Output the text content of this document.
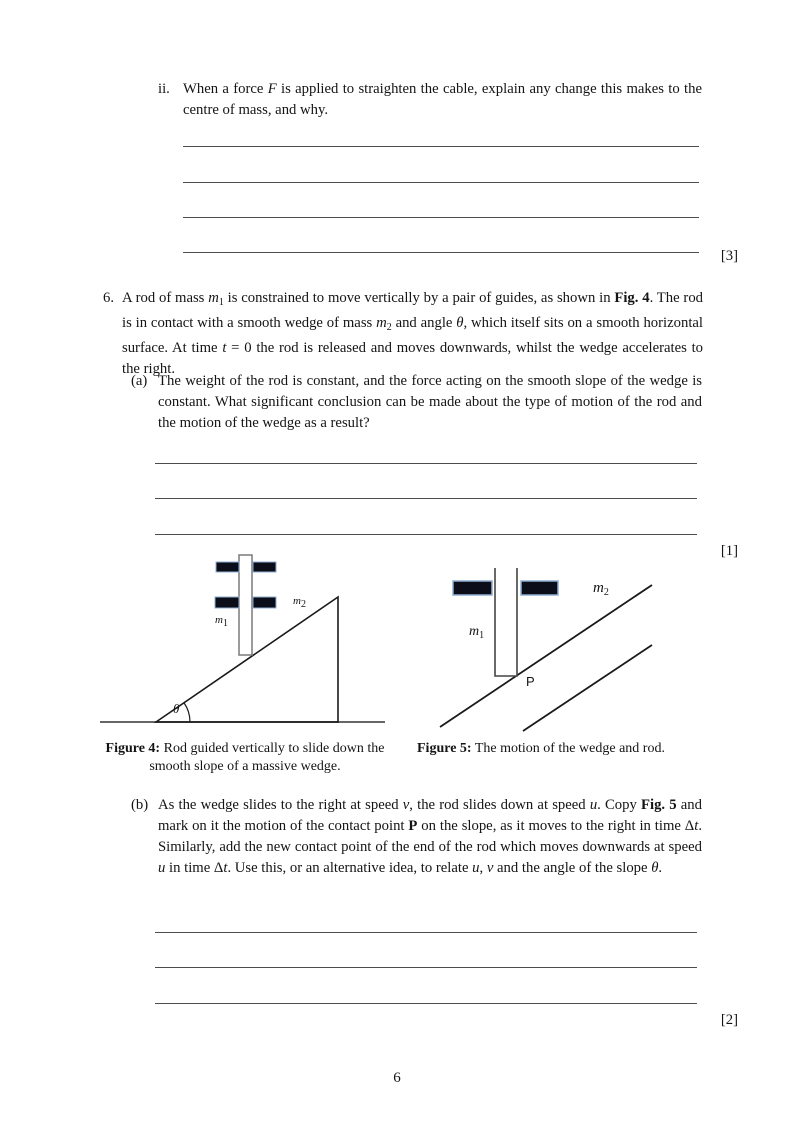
ii. When a force F is applied to straighten the cable, explain any change this makes to the centre of mass, and why.
[3]
6. A rod of mass $m_1$ is constrained to move vertically by a pair of guides, as shown in Fig. 4. The rod is in contact with a smooth wedge of mass $m_2$ and angle θ, which itself sits on a smooth horizontal surface. At time t = 0 the rod is released and moves downwards, whilst the wedge accelerates to the right.
(a) The weight of the rod is constant, and the force acting on the smooth slope of the wedge is constant. What significant conclusion can be made about the type of motion of the rod and the motion of the wedge as a result?
[1]
m1
m2
θ
$m_1$
$m_2$
P
Figure 4: Rod guided vertically to slide down the smooth slope of a massive wedge.
Figure 5: The motion of the wedge and rod.
(b) As the wedge slides to the right at speed v, the rod slides down at speed u. Copy Fig. 5 and mark on it the motion of the contact point P on the slope, as it moves to the right in time Δt. Similarly, add the new contact point of the end of the rod which moves downwards at speed u in time Δt. Use this, or an alternative idea, to relate u, v and the angle of the slope θ.
[2]
6
